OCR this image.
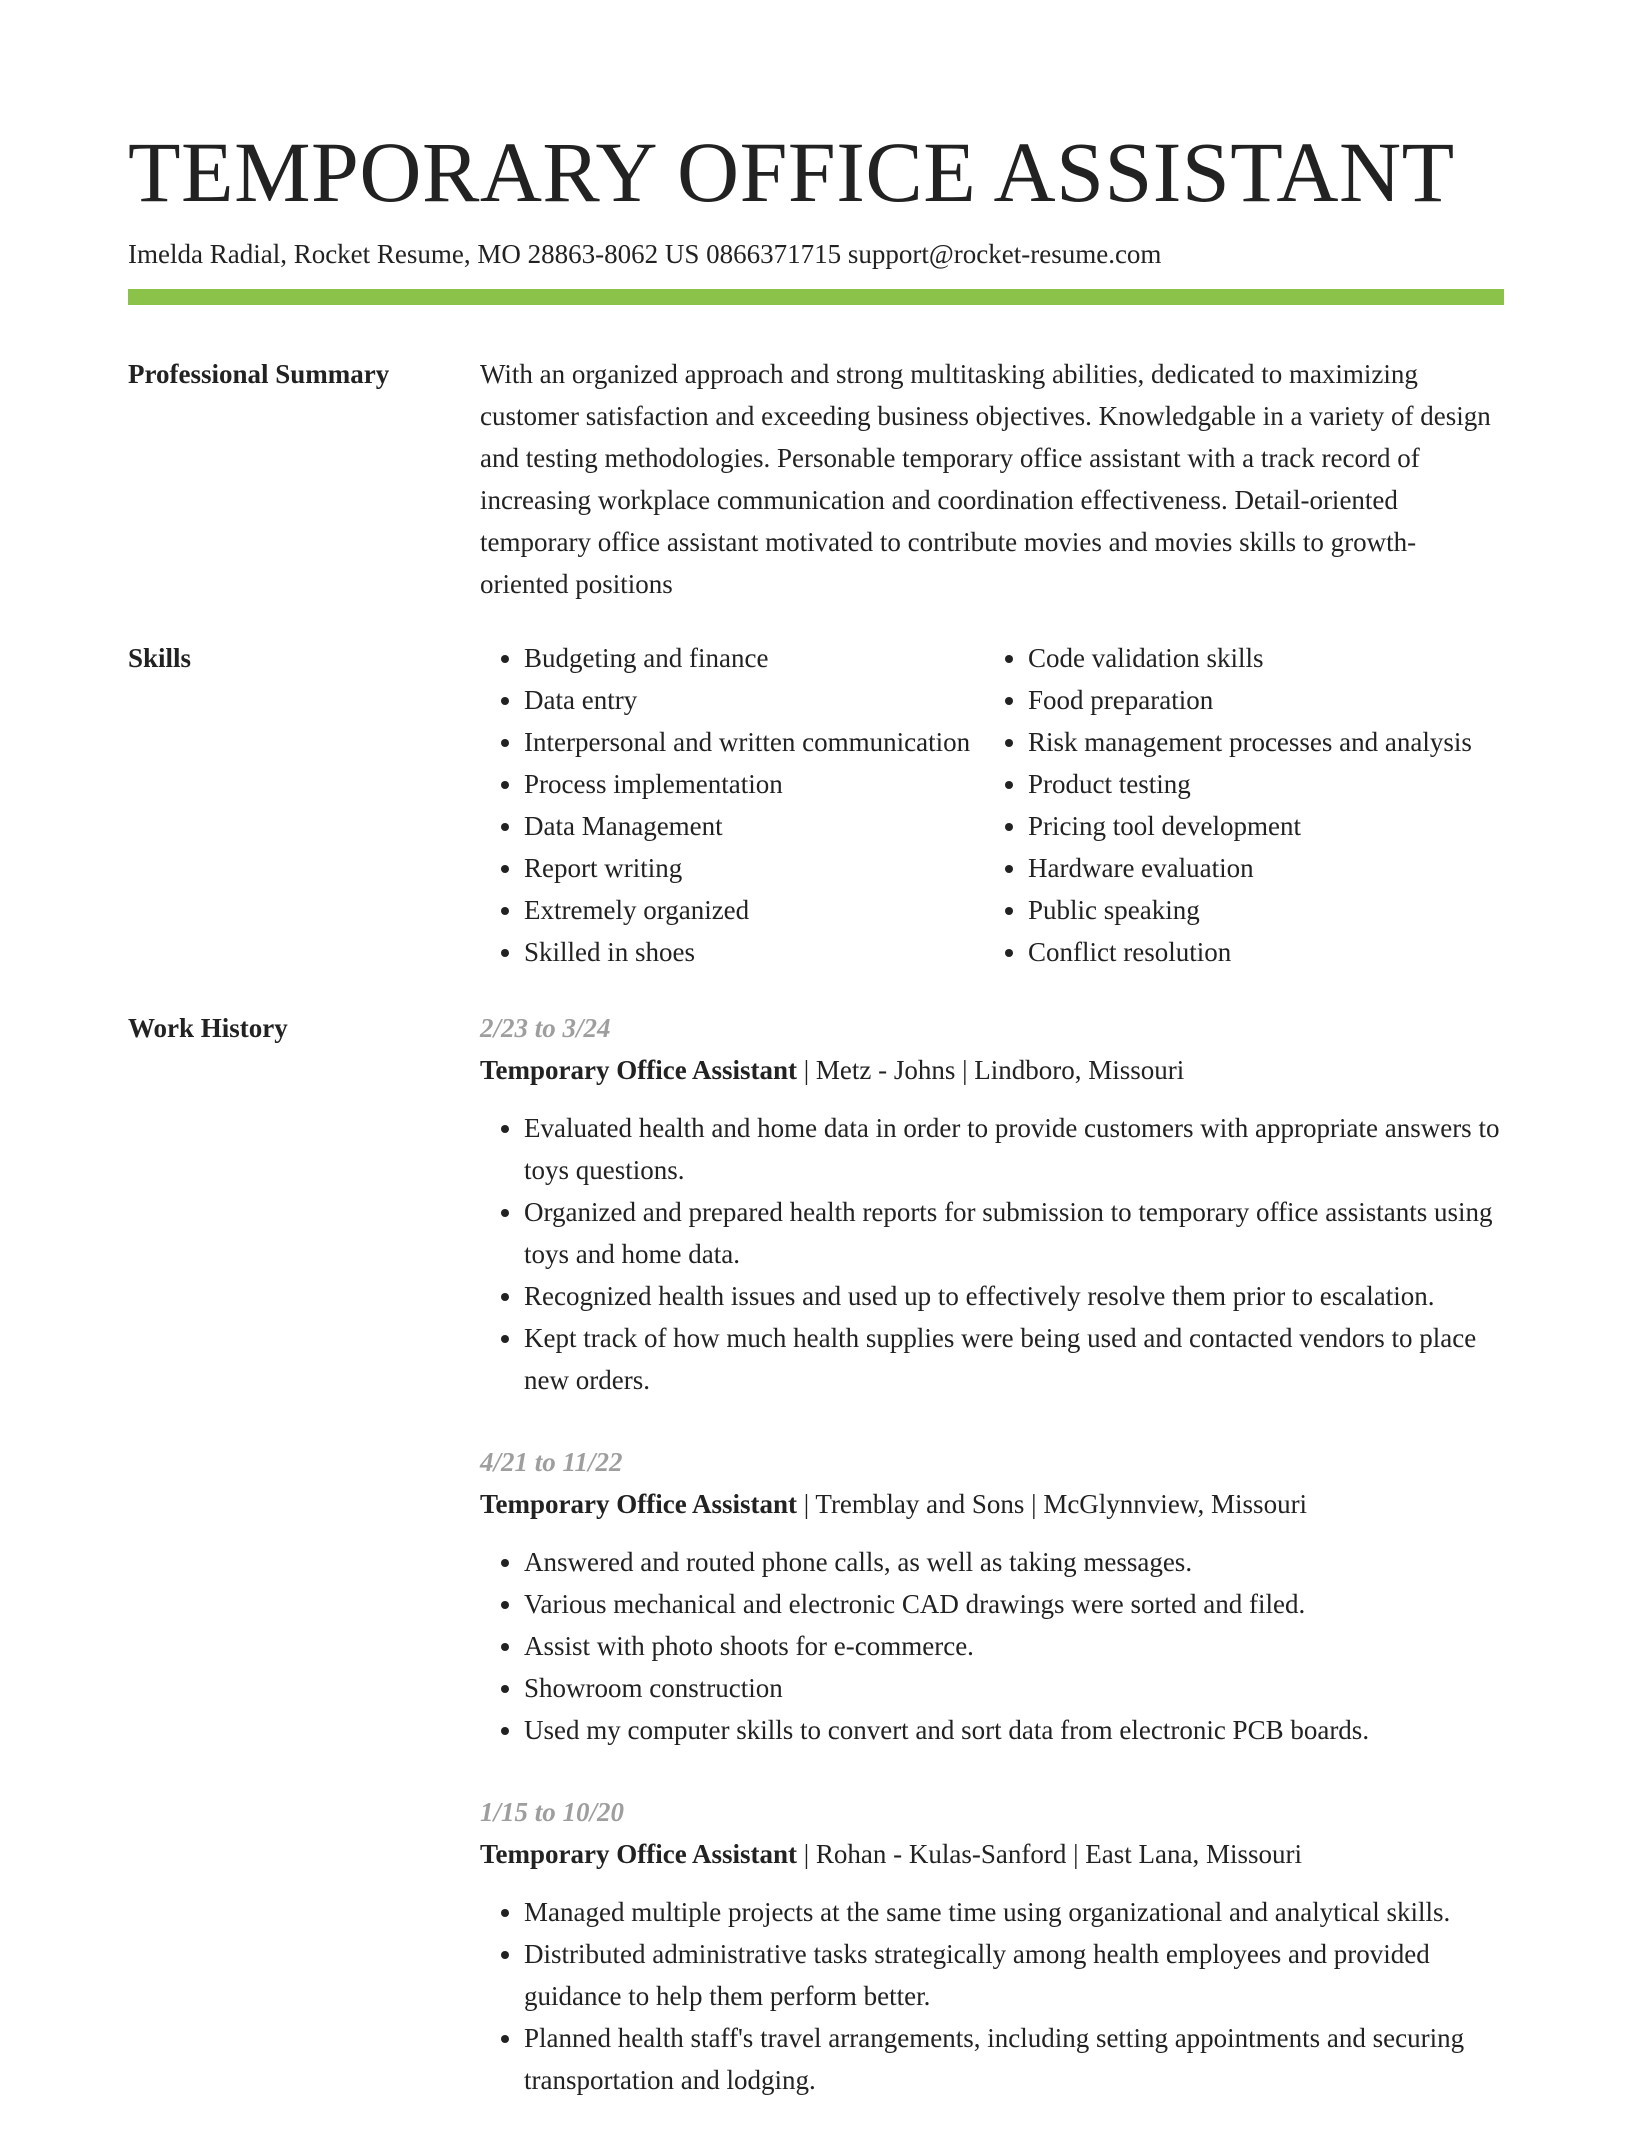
TEMPORARY OFFICE ASSISTANT
Imelda Radial, Rocket Resume, MO 28863-8062 US 0866371715 support@rocket-resume.com
Professional Summary	With an organized approach and strong multitasking abilities, dedicated to maximizing customer satisfaction and exceeding business objectives. Knowledgable in a variety of design and testing methodologies. Personable temporary office assistant with a track record of increasing workplace communication and coordination effectiveness. Detail-oriented temporary office assistant motivated to contribute movies and movies skills to growth-oriented positions
Skills
•	Budgeting and finance
• Data entry
• Interpersonal and written communication
• Process implementation
• Data Management
• Report writing
• Extremely organized
• Skilled in shoes
• Code validation skills
• Food preparation
• Risk management processes and analysis
• Product testing
• Pricing tool development
• Hardware evaluation
• Public speaking
• Conflict resolution
Work History	2/23 to 3/24
Temporary Office Assistant | Metz - Johns | Lindboro, Missouri
• Evaluated health and home data in order to provide customers with appropriate answers to toys questions.
• Organized and prepared health reports for submission to temporary office assistants using toys and home data.
• Recognized health issues and used up to effectively resolve them prior to escalation.
• Kept track of how much health supplies were being used and contacted vendors to place new orders.
4/21 to 11/22
Temporary Office Assistant | Tremblay and Sons | McGlynnview, Missouri
• Answered and routed phone calls, as well as taking messages.
• Various mechanical and electronic CAD drawings were sorted and filed.
• Assist with photo shoots for e-commerce.
• Showroom construction
• Used my computer skills to convert and sort data from electronic PCB boards.
1/15 to 10/20
Temporary Office Assistant | Rohan - Kulas-Sanford | East Lana, Missouri
• Managed multiple projects at the same time using organizational and analytical skills.
• Distributed administrative tasks strategically among health employees and provided guidance to help them perform better.
• Planned health staff's travel arrangements, including setting appointments and securing transportation and lodging.
